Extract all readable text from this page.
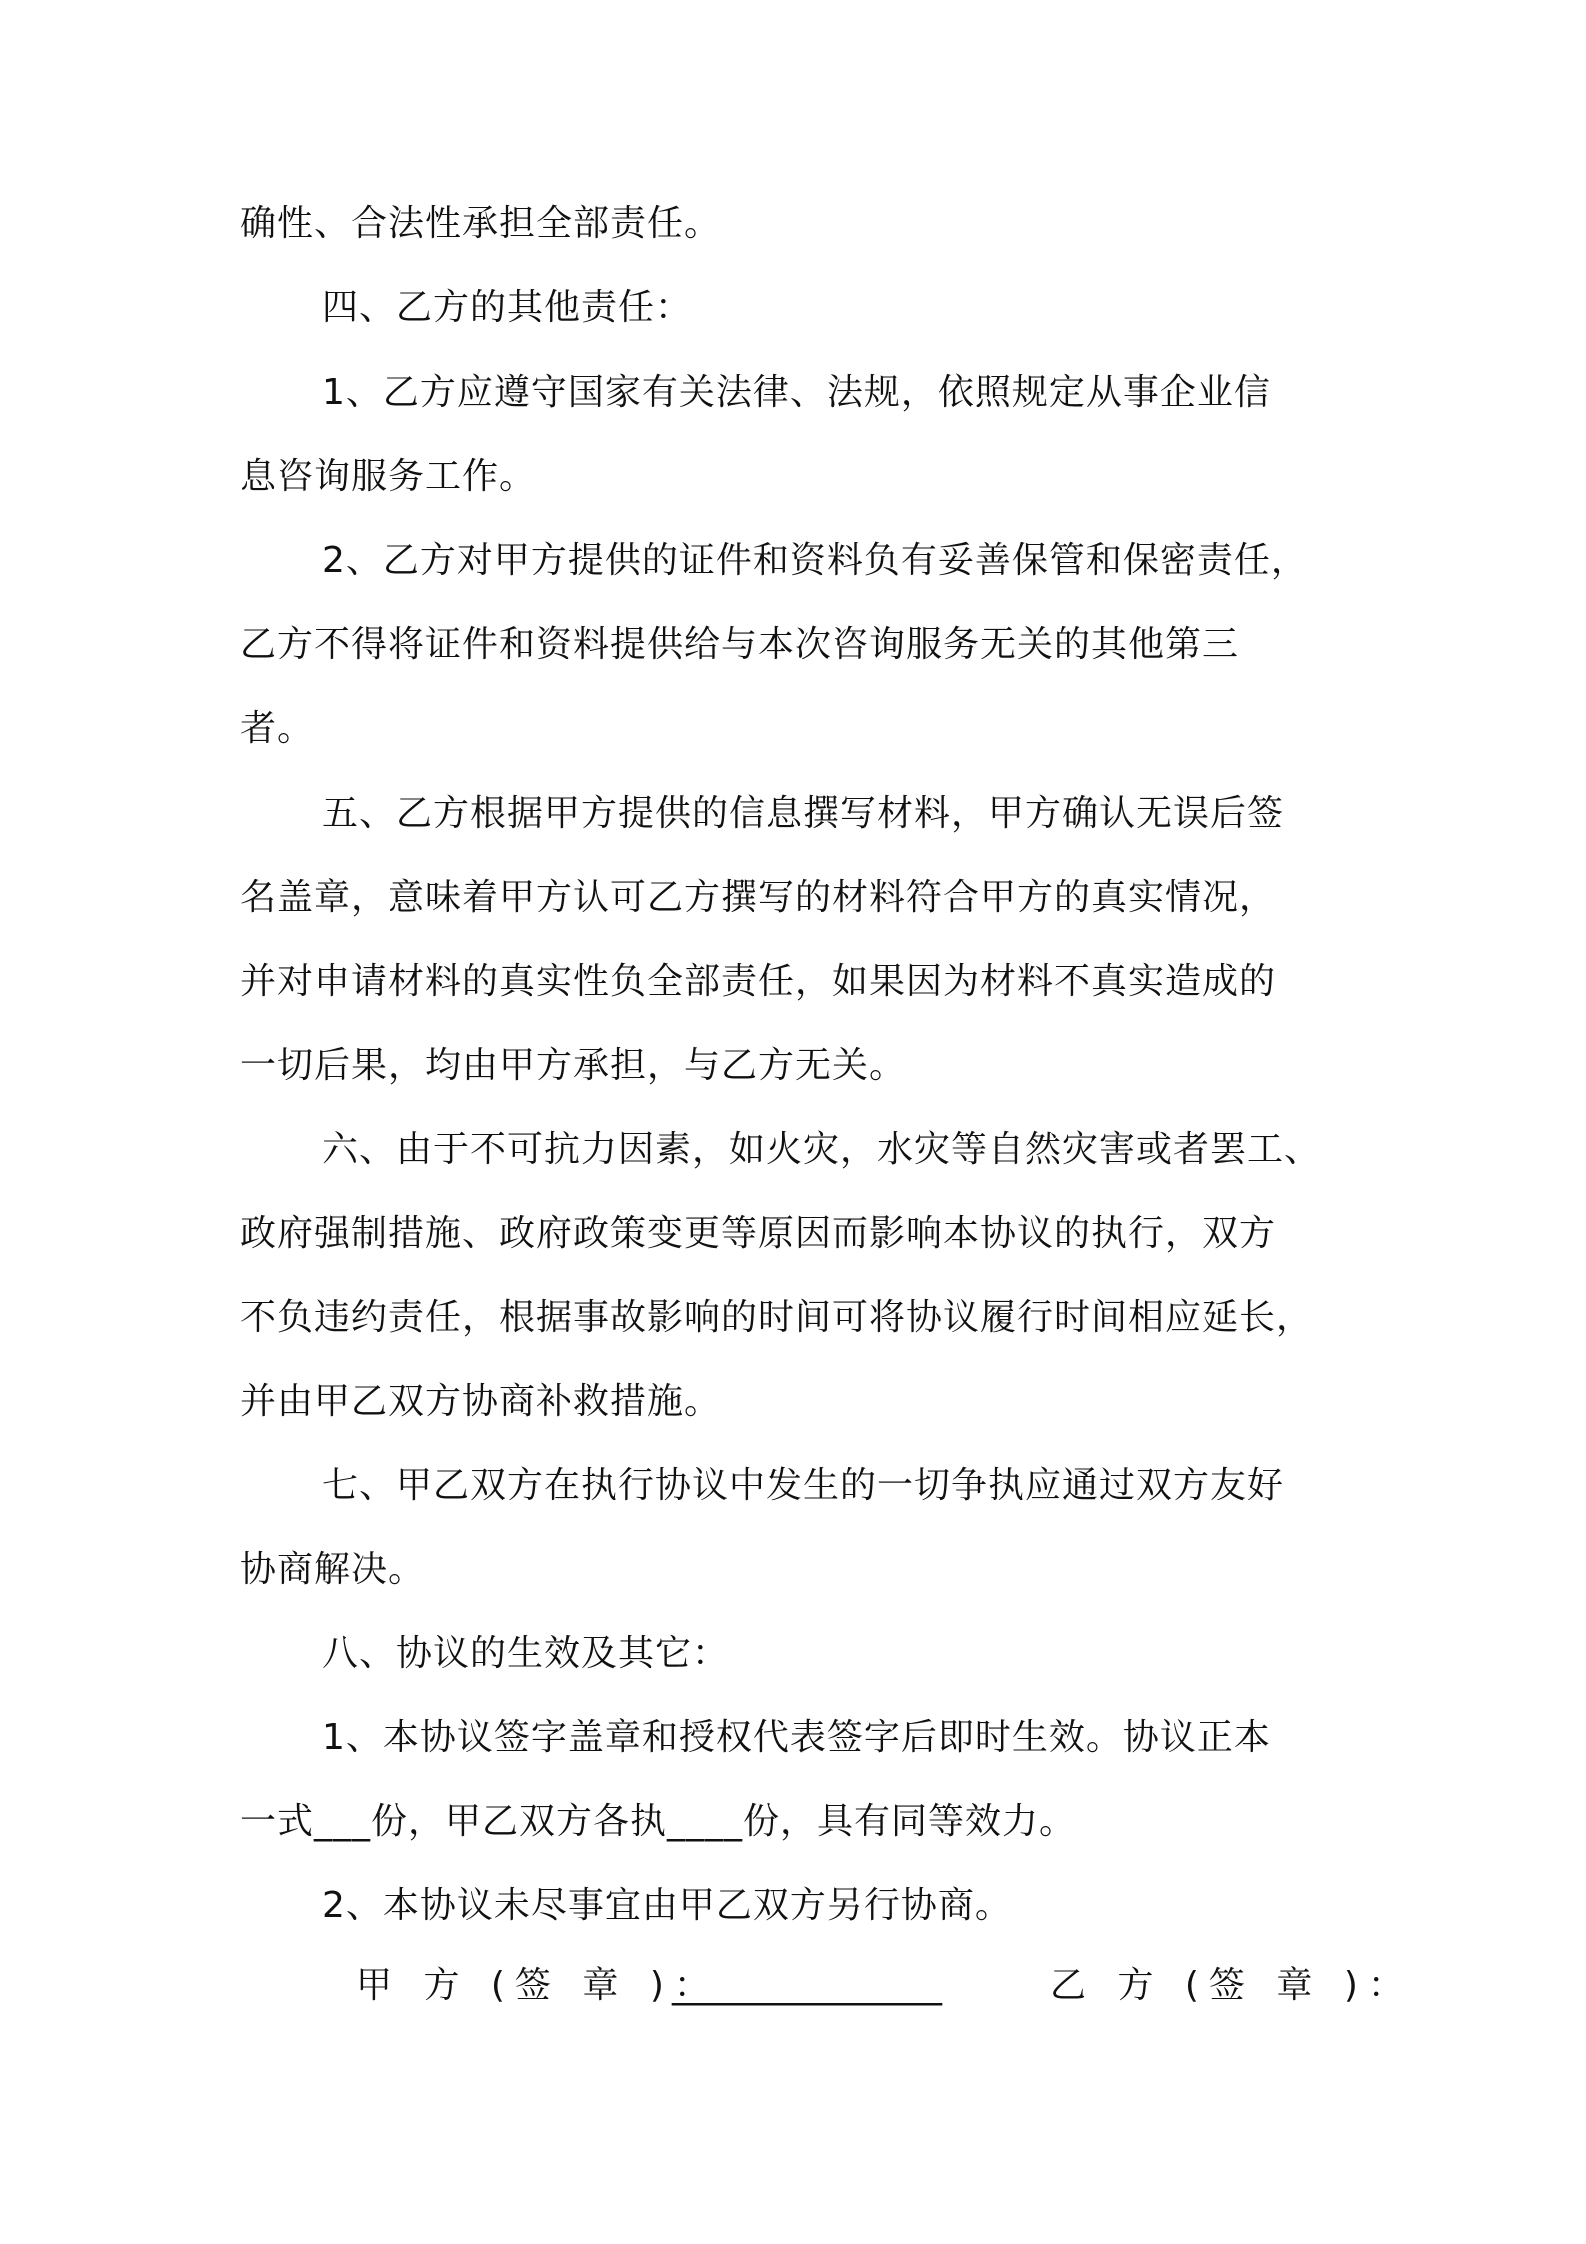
确性、合法性承担全部责任。
四、乙方的其他责任：
1、乙方应遵守国家有关法律、法规，依照规定从事企业信
息咨询服务工作。
2、乙方对甲方提供的证件和资料负有妥善保管和保密责任，
乙方不得将证件和资料提供给与本次咨询服务无关的其他第三
者。
五、乙方根据甲方提供的信息撰写材料，甲方确认无误后签
名盖章，意味着甲方认可乙方撰写的材料符合甲方的真实情况，
并对申请材料的真实性负全部责任，如果因为材料不真实造成的
一切后果，均由甲方承担，与乙方无关。
六、由于不可抗力因素，如火灾，水灾等自然灾害或者罢工、
政府强制措施、政府政策变更等原因而影响本协议的执行，双方
不负违约责任，根据事故影响的时间可将协议履行时间相应延长，
并由甲乙双方协商补救措施。
七、甲乙双方在执行协议中发生的一切争执应通过双方友好
协商解决。
八、协议的生效及其它：
1、本协议签字盖章和授权代表签字后即时生效。协议正本
一式___份，甲乙双方各执____份，具有同等效力。
2、本协议未尽事宜由甲乙双方另行协商。
甲 方 (签 章 )：
_______________	乙 方 (签 章 )：
